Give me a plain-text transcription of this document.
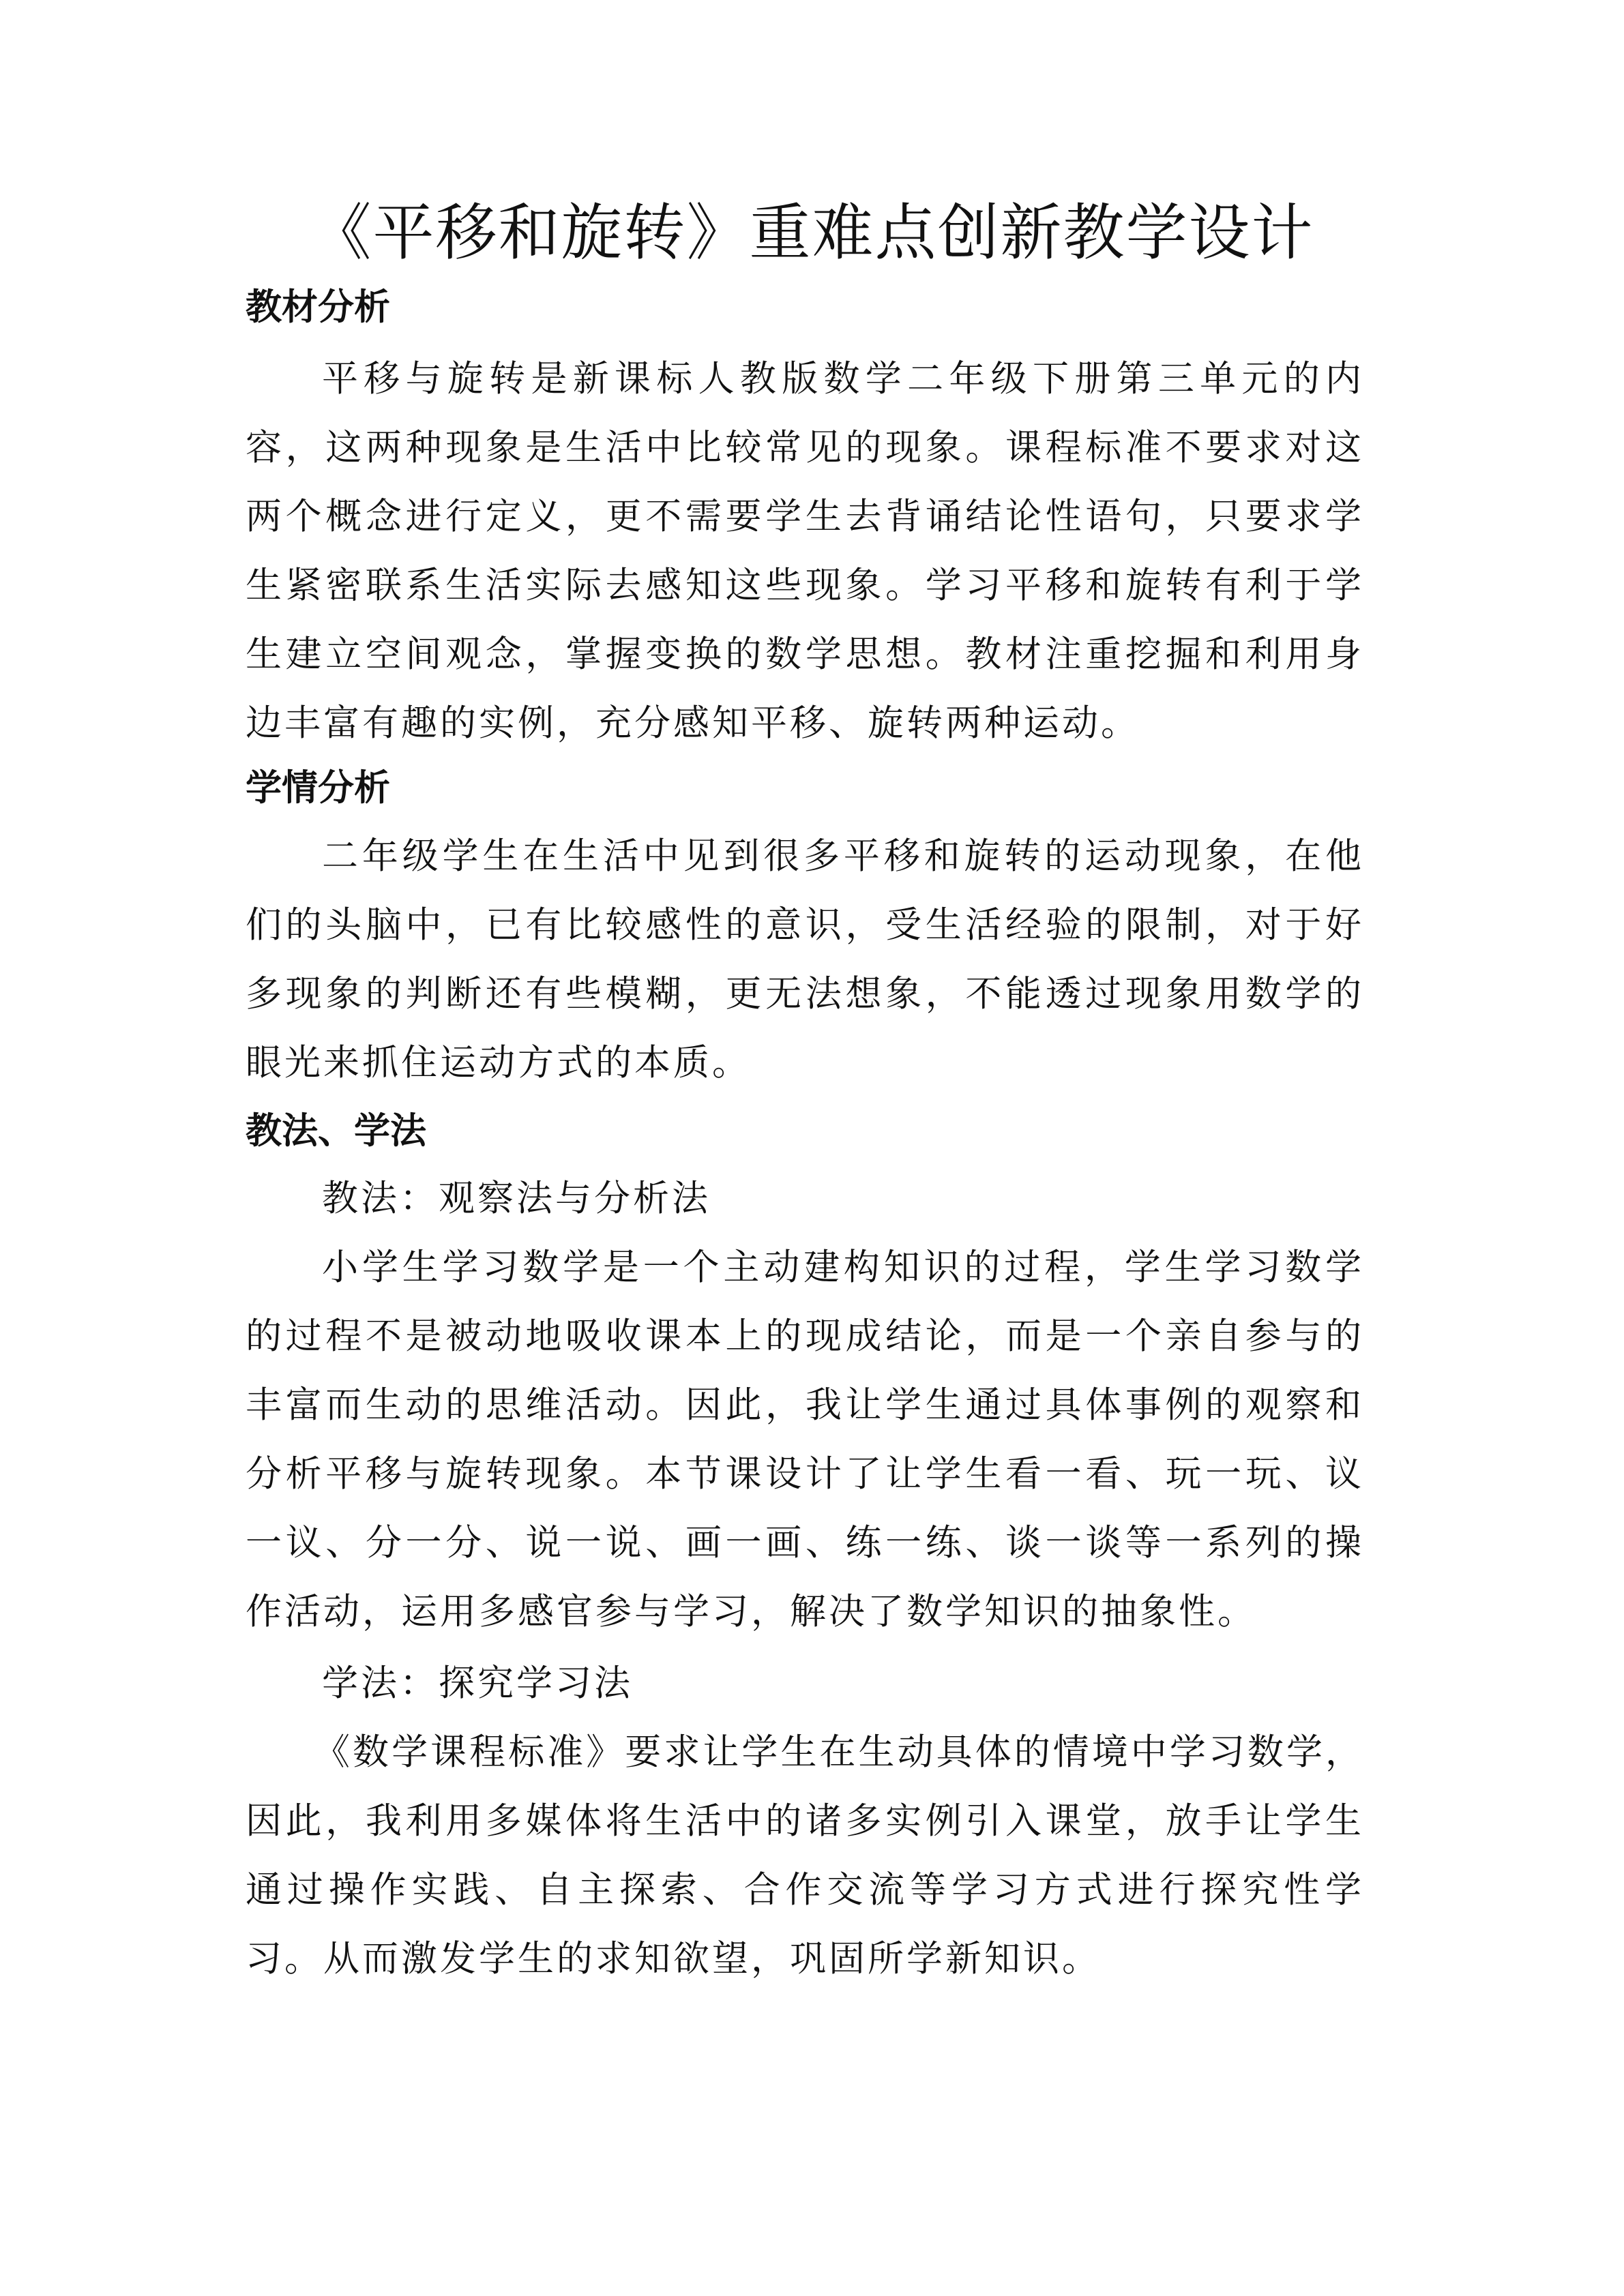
《平移和旋转》重难点创新教学设计
教材分析
平移与旋转是新课标人教版数学二年级下册第三单元的内容，这两种现象是生活中比较常见的现象。课程标准不要求对这两个概念进行定义，更不需要学生去背诵结论性语句，只要求学生紧密联系生活实际去感知这些现象。学习平移和旋转有利于学生建立空间观念，掌握变换的数学思想。教材注重挖掘和利用身边丰富有趣的实例，充分感知平移、旋转两种运动。
学情分析
二年级学生在生活中见到很多平移和旋转的运动现象，在他们的头脑中，已有比较感性的意识，受生活经验的限制，对于好多现象的判断还有些模糊，更无法想象，不能透过现象用数学的眼光来抓住运动方式的本质。
教法、学法
教法：观察法与分析法
小学生学习数学是一个主动建构知识的过程，学生学习数学的过程不是被动地吸收课本上的现成结论，而是一个亲自参与的丰富而生动的思维活动。因此，我让学生通过具体事例的观察和分析平移与旋转现象。本节课设计了让学生看一看、玩一玩、议一议、分一分、说一说、画一画、练一练、谈一谈等一系列的操作活动，运用多感官参与学习，解决了数学知识的抽象性。
学法：探究学习法
《数学课程标准》要求让学生在生动具体的情境中学习数学，因此，我利用多媒体将生活中的诸多实例引入课堂，放手让学生通过操作实践、自主探索、合作交流等学习方式进行探究性学习。从而激发学生的求知欲望，巩固所学新知识。
